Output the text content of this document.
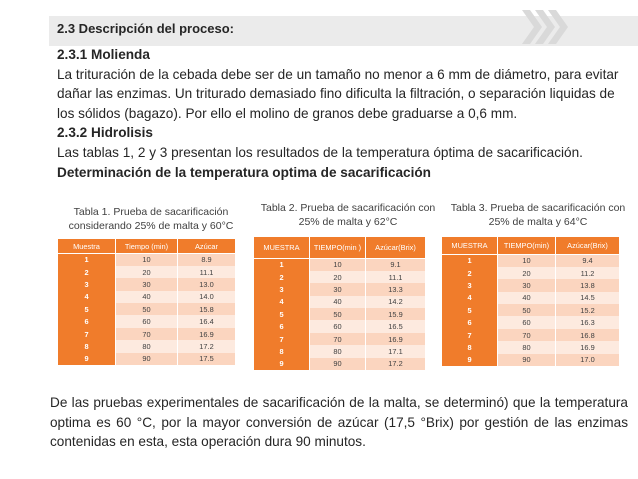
2.3 Descripción del proceso:
2.3.1 Molienda
La trituración de la cebada debe ser de un tamaño no menor a 6 mm de diámetro, para evitar dañar las enzimas. Un triturado demasiado fino dificulta la filtración, o separación liquidas de los sólidos (bagazo). Por ello el molino de granos debe graduarse a 0,6 mm.
2.3.2 Hidrolisis
Las tablas 1, 2 y 3 presentan los resultados de la temperatura óptima de sacarificación.
Determinación de la temperatura optima de sacarificación
Tabla 1. Prueba de sacarificación considerando 25% de malta y 60°C
Muestra	Tiempo (min)	Azúcar
1	10	8.9
2	20	11.1
3	30	13.0
4	40	14.0
5	50	15.8
6	60	16.4
7	70	16.9
8	80	17.2
9	90	17.5
Tabla 2. Prueba de sacarificación con 25% de malta y 62°C
MUESTRA	TIEMPO(min )	Azúcar(Brix)
1	10	9.1
2	20	11.1
3	30	13.3
4	40	14.2
5	50	15.9
6	60	16.5
7	70	16.9
8	80	17.1
9	90	17.2
Tabla 3. Prueba de sacarificación con 25% de malta y 64°C
MUESTRA	TIEMPO(min)	Azúcar(Brix)
1	10	9.4
2	20	11.2
3	30	13.8
4	40	14.5
5	50	15.2
6	60	16.3
7	70	16.8
8	80	16.9
9	90	17.0
De las pruebas experimentales de sacarificación de la malta, se determinó) que la temperatura optima es 60 °C, por la mayor conversión de azúcar (17,5 °Brix) por gestión de las enzimas contenidas en esta, esta operación dura 90 minutos.
